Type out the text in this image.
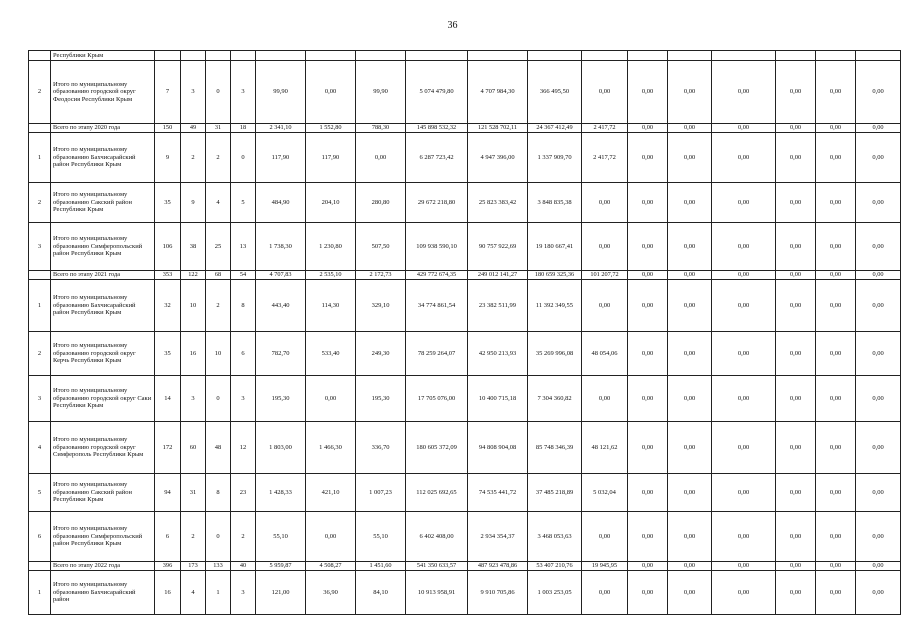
36
	Республики Крым																	
2	Итого по муниципальному образованию городской округ Феодосия Республики Крым	7	3	0	3	99,90	0,00	99,90	5 074 479,80	4 707 984,30	366 495,50	0,00	0,00	0,00	0,00	0,00	0,00	0,00
	Всего по этапу 2020 года	150	49	31	18	2 341,10	1 552,80	788,30	145 898 532,32	121 528 702,11	24 367 412,49	2 417,72	0,00	0,00	0,00	0,00	0,00	0,00
1	Итого по муниципальному образованию Бахчисарайский район Республики Крым	9	2	2	0	117,90	117,90	0,00	6 287 723,42	4 947 396,00	1 337 909,70	2 417,72	0,00	0,00	0,00	0,00	0,00	0,00
2	Итого по муниципальному образованию Сакский район Республики Крым	35	9	4	5	484,90	204,10	280,80	29 672 218,80	25 823 383,42	3 848 835,38	0,00	0,00	0,00	0,00	0,00	0,00	0,00
3	Итого по муниципальному образованию Симферопольский район Республики Крым	106	38	25	13	1 738,30	1 230,80	507,50	109 938 590,10	90 757 922,69	19 180 667,41	0,00	0,00	0,00	0,00	0,00	0,00	0,00
	Всего по этапу 2021 года	353	122	68	54	4 707,83	2 535,10	2 172,73	429 772 674,35	249 012 141,27	180 659 325,36	101 207,72	0,00	0,00	0,00	0,00	0,00	0,00
1	Итого по муниципальному образованию Бахчисарайский район Республики Крым	32	10	2	8	443,40	114,30	329,10	34 774 861,54	23 382 511,99	11 392 349,55	0,00	0,00	0,00	0,00	0,00	0,00	0,00
2	Итого по муниципальному образованию городской округ Керчь Республики Крым	35	16	10	6	782,70	533,40	249,30	78 259 264,07	42 950 213,93	35 269 996,08	48 054,06	0,00	0,00	0,00	0,00	0,00	0,00
3	Итого по муниципальному образованию городской округ Саки Республики Крым	14	3	0	3	195,30	0,00	195,30	17 705 076,00	10 400 715,18	7 304 360,82	0,00	0,00	0,00	0,00	0,00	0,00	0,00
4	Итого по муниципальному образованию городской округ Симферополь Республики Крым	172	60	48	12	1 803,00	1 466,30	336,70	180 605 372,09	94 808 904,08	85 748 346,39	48 121,62	0,00	0,00	0,00	0,00	0,00	0,00
5	Итого по муниципальному образованию Сакский район Республики Крым	94	31	8	23	1 428,33	421,10	1 007,23	112 025 692,65	74 535 441,72	37 485 218,89	5 032,04	0,00	0,00	0,00	0,00	0,00	0,00
6	Итого по муниципальному образованию Симферопольский район Республики Крым	6	2	0	2	55,10	0,00	55,10	6 402 408,00	2 934 354,37	3 468 053,63	0,00	0,00	0,00	0,00	0,00	0,00	0,00
	Всего по этапу 2022 года	396	173	133	40	5 959,87	4 508,27	1 451,60	541 350 633,57	487 923 478,86	53 407 210,76	19 945,95	0,00	0,00	0,00	0,00	0,00	0,00
1	Итого по муниципальному образованию Бахчисарайский район	16	4	1	3	121,00	36,90	84,10	10 913 958,91	9 910 705,86	1 003 253,05	0,00	0,00	0,00	0,00	0,00	0,00	0,00
